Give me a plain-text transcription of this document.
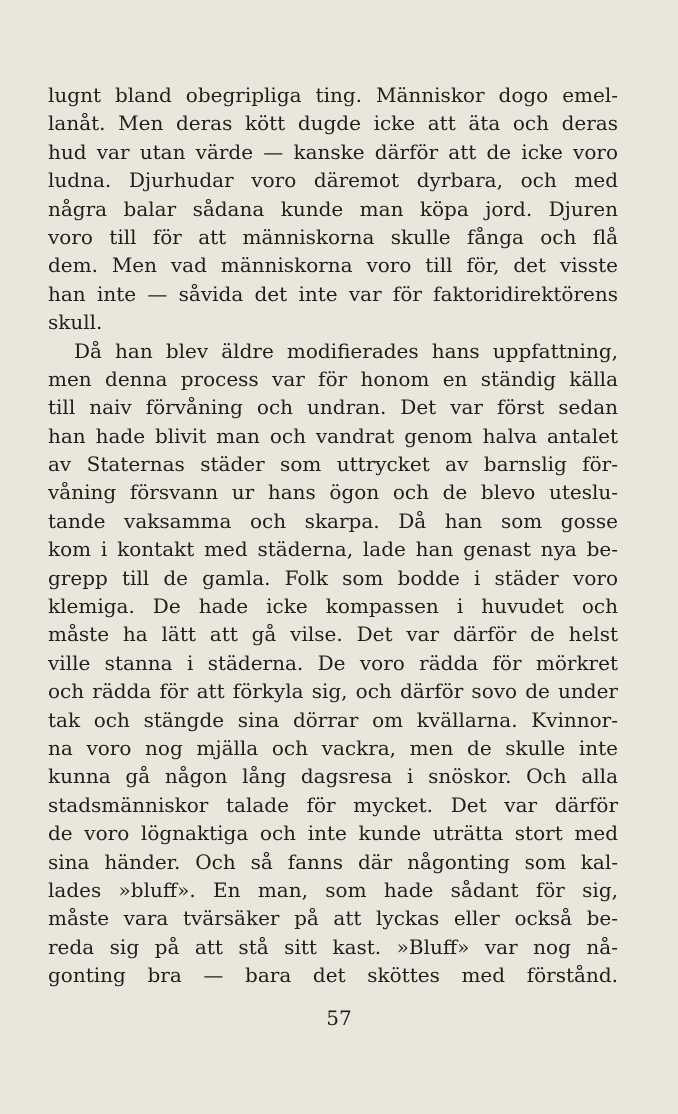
lugnt bland obegripliga ting. Människor dogo emel-
lanåt. Men deras kött dugde icke att äta och deras
hud var utan värde — kanske därför att de icke voro
ludna. Djurhudar voro däremot dyrbara, och med
några balar sådana kunde man köpa jord. Djuren
voro till för att människorna skulle fånga och flå
dem. Men vad människorna voro till för, det visste
han inte — såvida det inte var för faktoridirektörens
skull.
Då han blev äldre modifierades hans uppfattning,
men denna process var för honom en ständig källa
till naiv förvåning och undran. Det var först sedan
han hade blivit man och vandrat genom halva antalet
av Staternas städer som uttrycket av barnslig för-
våning försvann ur hans ögon och de blevo uteslu-
tande vaksamma och skarpa. Då han som gosse
kom i kontakt med städerna, lade han genast nya be-
grepp till de gamla. Folk som bodde i städer voro
klemiga. De hade icke kompassen i huvudet och
måste ha lätt att gå vilse. Det var därför de helst
ville stanna i städerna. De voro rädda för mörkret
och rädda för att förkyla sig, och därför sovo de under
tak och stängde sina dörrar om kvällarna. Kvinnor-
na voro nog mjälla och vackra, men de skulle inte
kunna gå någon lång dagsresa i snöskor. Och alla
stadsmänniskor talade för mycket. Det var därför
de voro lögnaktiga och inte kunde uträtta stort med
sina händer. Och så fanns där någonting som kal-
lades »bluff». En man, som hade sådant för sig,
måste vara tvärsäker på att lyckas eller också be-
reda sig på att stå sitt kast. »Bluff» var nog nå-
gonting bra — bara det sköttes med förstånd.
57
